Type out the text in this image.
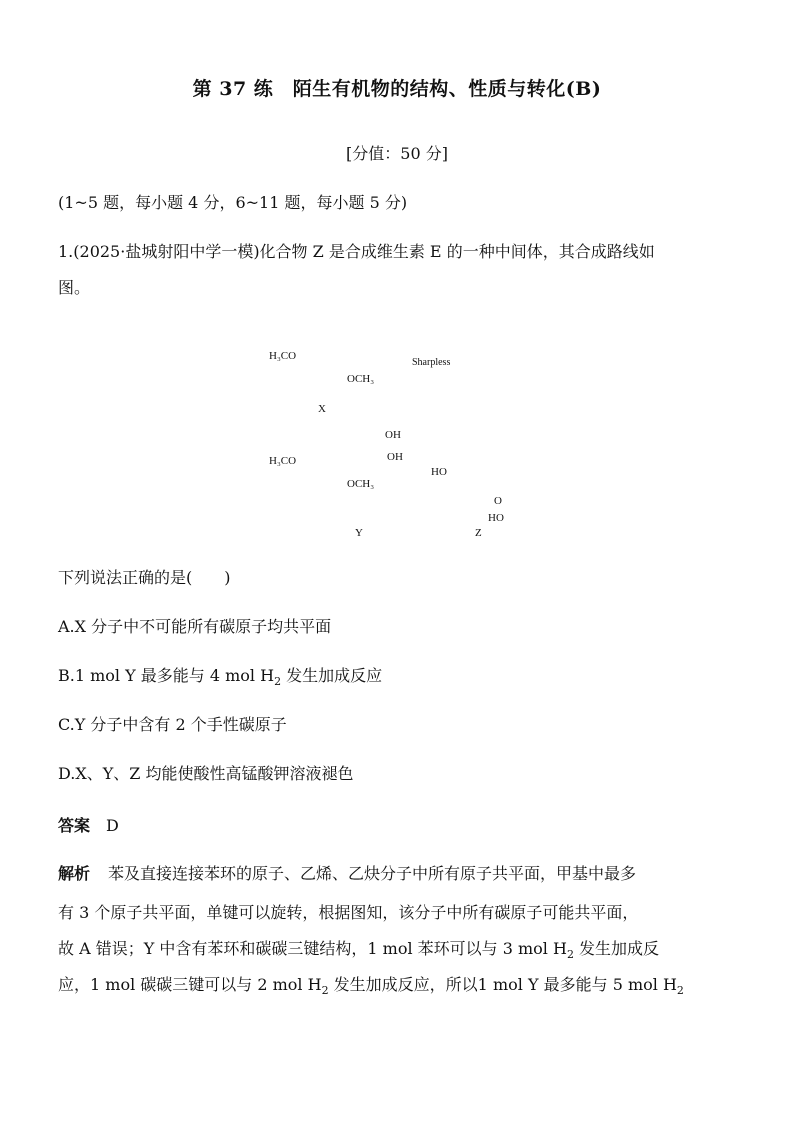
第 37 练　陌生有机物的结构、性质与转化(B)
[分值：50 分]
(1~5 题，每小题 4 分，6~11 题，每小题 5 分)
1.(2025·盐城射阳中学一模)化合物 Z 是合成维生素 E 的一种中间体，其合成路线如
图。
H₃CO
OCH₃
X
Sharpless
H₃CO
OCH₃
OH
OH
Y
HO
O
HO
Z
下列说法正确的是(　　)
A.X 分子中不可能所有碳原子均共平面
B.1 mol Y 最多能与 4 mol $H_2$ 发生加成反应
C.Y 分子中含有 2 个手性碳原子
D.X、Y、Z 均能使酸性高锰酸钾溶液褪色
答案 D
解析 苯及直接连接苯环的原子、乙烯、乙炔分子中所有原子共平面，甲基中最多
有 3 个原子共平面，单键可以旋转，根据图知，该分子中所有碳原子可能共平面，
故 A 错误；Y 中含有苯环和碳碳三键结构，1 mol 苯环可以与 3 mol $H_2$ 发生加成反
应，1 mol 碳碳三键可以与 2 mol $H_2$ 发生加成反应，所以1 mol Y 最多能与 5 mol $H_2$
